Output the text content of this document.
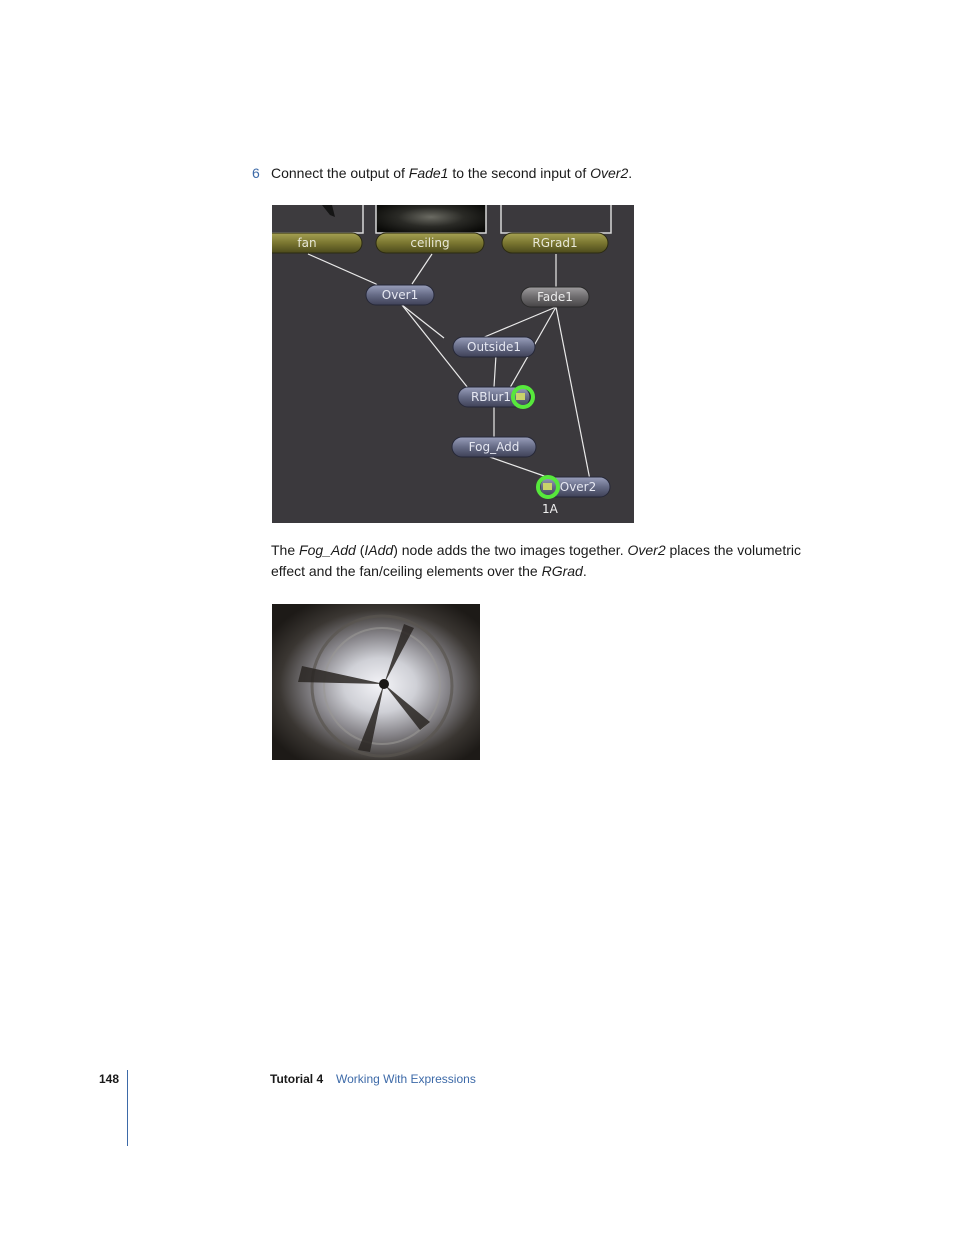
6 Connect the output of Fade1 to the second input of Over2.
fan	ceiling	RGrad1
Over1	Fade1
Outside1
RBlur1
Fog_Add
Over2
1A
The Fog_Add (IAdd) node adds the two images together. Over2 places the volumetric effect and the fan/ceiling elements over the RGrad.
148	Tutorial 4 Working With Expressions
